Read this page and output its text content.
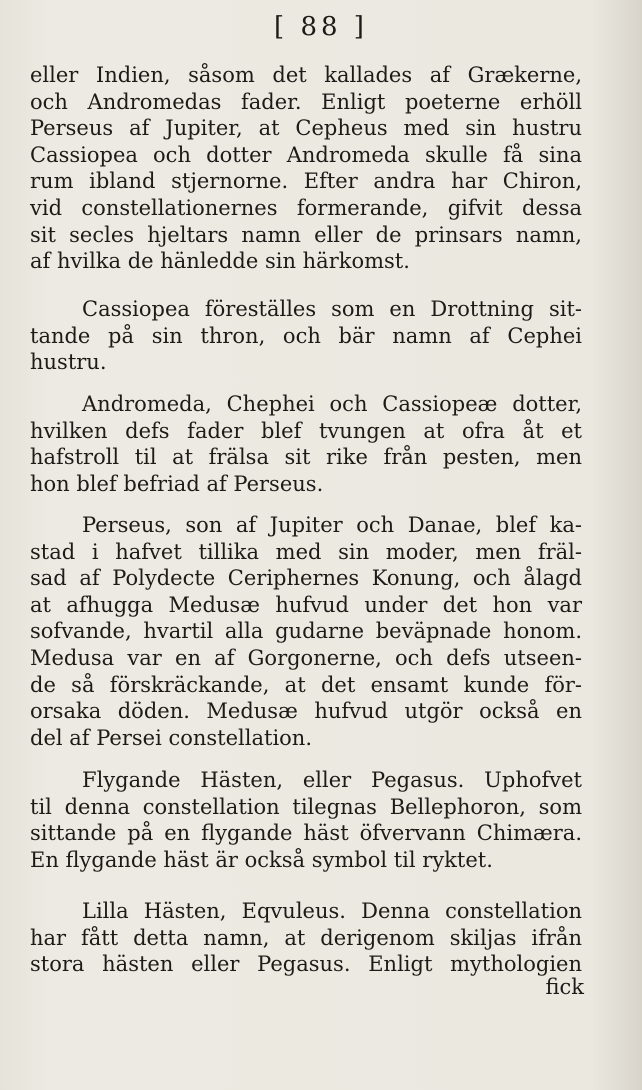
[ 88 ]
eller Indien, såsom det kallades af Grækerne,
och Andromedas fader. Enligt poeterne erhöll
Perseus af Jupiter, at Cepheus med sin hustru
Cassiopea och dotter Andromeda skulle få sina
rum ibland stjernorne. Efter andra har Chiron,
vid constellationernes formerande, gifvit dessa
sit secles hjeltars namn eller de prinsars namn,
af hvilka de hänledde sin härkomst.
Cassiopea föreställes som en Drottning sit-
tande på sin thron, och bär namn af Cephei
hustru.
Andromeda, Chephei och Cassiopeæ dotter,
hvilken defs fader blef tvungen at ofra åt et
hafstroll til at frälsa sit rike från pesten, men
hon blef befriad af Perseus.
Perseus, son af Jupiter och Danae, blef ka-
stad i hafvet tillika med sin moder, men fräl-
sad af Polydecte Ceriphernes Konung, och ålagd
at afhugga Medusæ hufvud under det hon var
sofvande, hvartil alla gudarne beväpnade honom.
Medusa var en af Gorgonerne, och defs utseen-
de så förskräckande, at det ensamt kunde för-
orsaka döden. Medusæ hufvud utgör också en
del af Persei constellation.
Flygande Hästen, eller Pegasus. Uphofvet
til denna constellation tilegnas Bellephoron, som
sittande på en flygande häst öfvervann Chimæra.
En flygande häst är också symbol til ryktet.
Lilla Hästen, Eqvuleus. Denna constellation
har fått detta namn, at derigenom skiljas ifrån
stora hästen eller Pegasus. Enligt mythologien
fick
